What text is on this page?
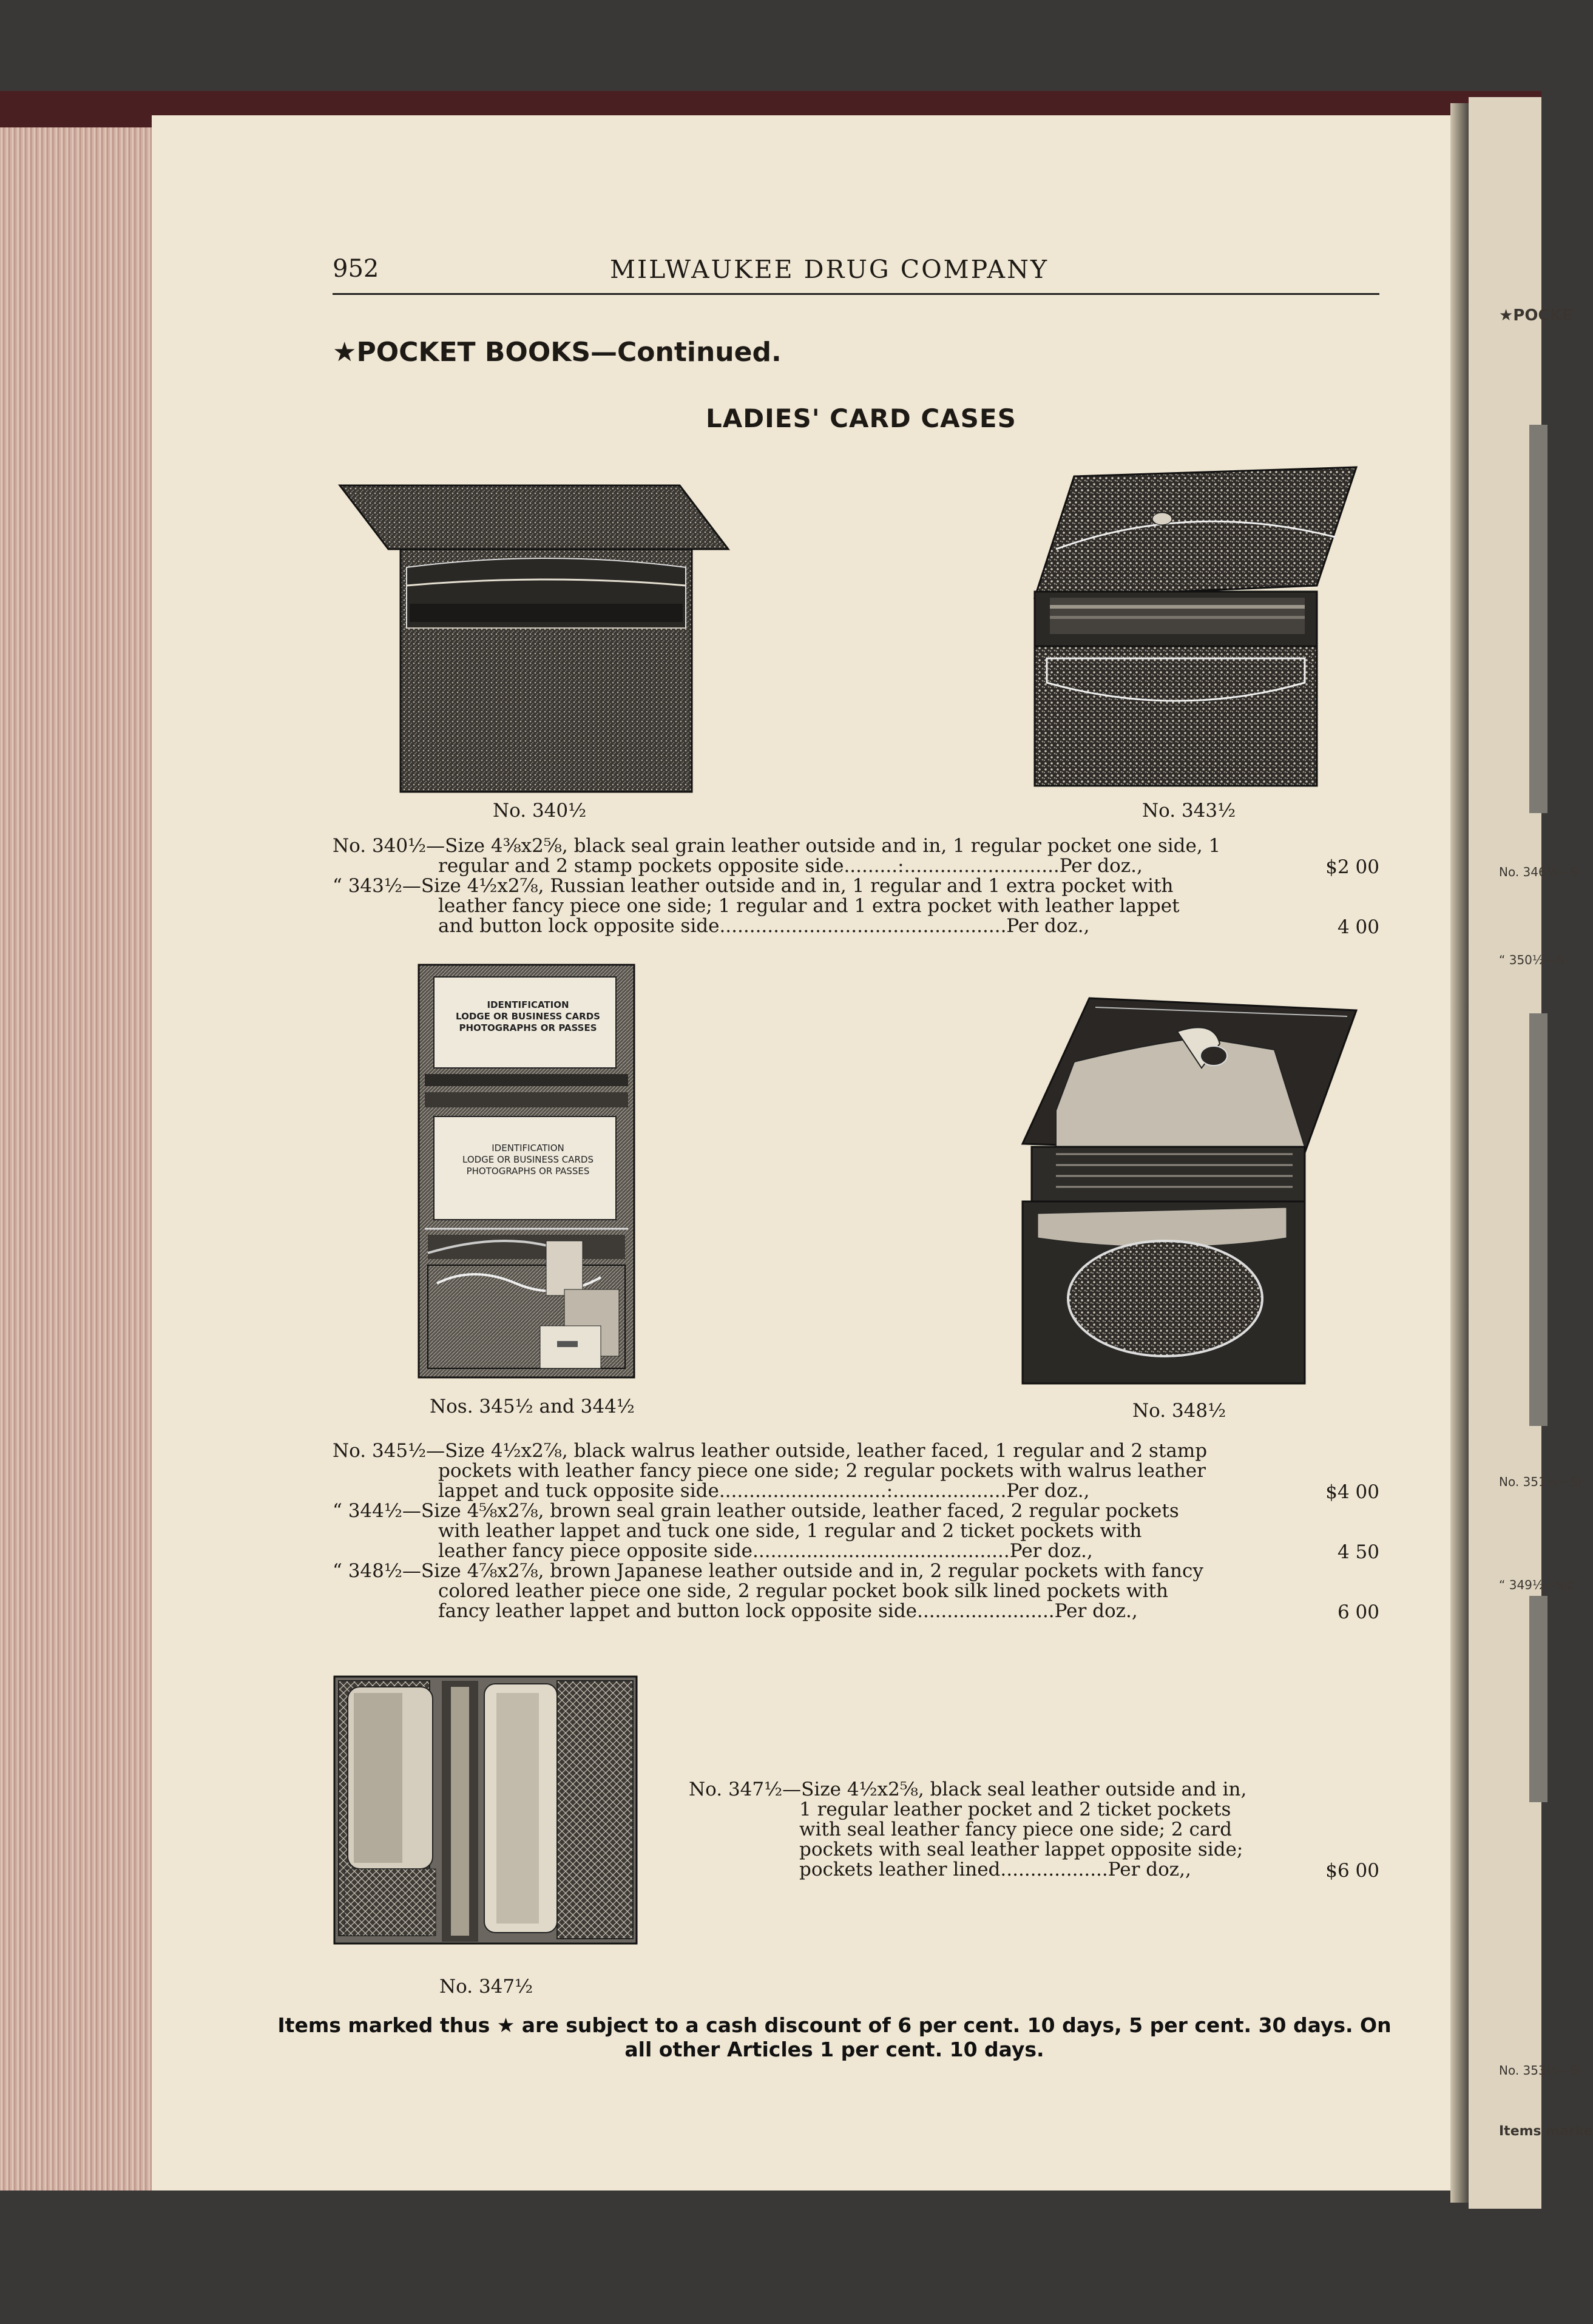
★POCKE
No. 346½—S
“ 350½—S
No. 351½—Si
“ 349½—Siz
No. 353½—Si
Items marke
952	MILWAUKEE DRUG COMPANY
★POCKET BOOKS—Continued.
LADIES' CARD CASES
No. 340½	No. 343½
No. 340½—Size 4⅜x2⅝, black seal grain leather outside and in, 1 regular pocket one side, 1
regular and 2 stamp pockets opposite side.........:..........................Per doz.,	$2 00
“ 343½—Size 4½x2⅞, Russian leather outside and in, 1 regular and 1 extra pocket with
leather fancy piece one side; 1 regular and 1 extra pocket with leather lappet
and button lock opposite side................................................Per doz.,	4 00
IDENTIFICATION
LODGE OR BUSINESS CARDS
PHOTOGRAPHS OR PASSES
IDENTIFICATION
LODGE OR BUSINESS CARDS
PHOTOGRAPHS OR PASSES
Nos. 345½ and 344½	No. 348½
No. 345½—Size 4½x2⅞, black walrus leather outside, leather faced, 1 regular and 2 stamp
pockets with leather fancy piece one side; 2 regular pockets with walrus leather
lappet and tuck opposite side............................:...................Per doz.,	$4 00
“ 344½—Size 4⅝x2⅞, brown seal grain leather outside, leather faced, 2 regular pockets
with leather lappet and tuck one side, 1 regular and 2 ticket pockets with
leather fancy piece opposite side...........................................Per doz.,	4 50
“ 348½—Size 4⅞x2⅞, brown Japanese leather outside and in, 2 regular pockets with fancy
colored leather piece one side, 2 regular pocket book silk lined pockets with
fancy leather lappet and button lock opposite side.......................Per doz.,	6 00
No. 347½
No. 347½—Size 4½x2⅝, black seal leather outside and in,
1 regular leather pocket and 2 ticket pockets
with seal leather fancy piece one side; 2 card
pockets with seal leather lappet opposite side;
pockets leather lined..................Per doz,,	$6 00
Items marked thus ★ are subject to a cash discount of 6 per cent. 10 days, 5 per cent. 30 days. On all other Articles 1 per cent. 10 days.
